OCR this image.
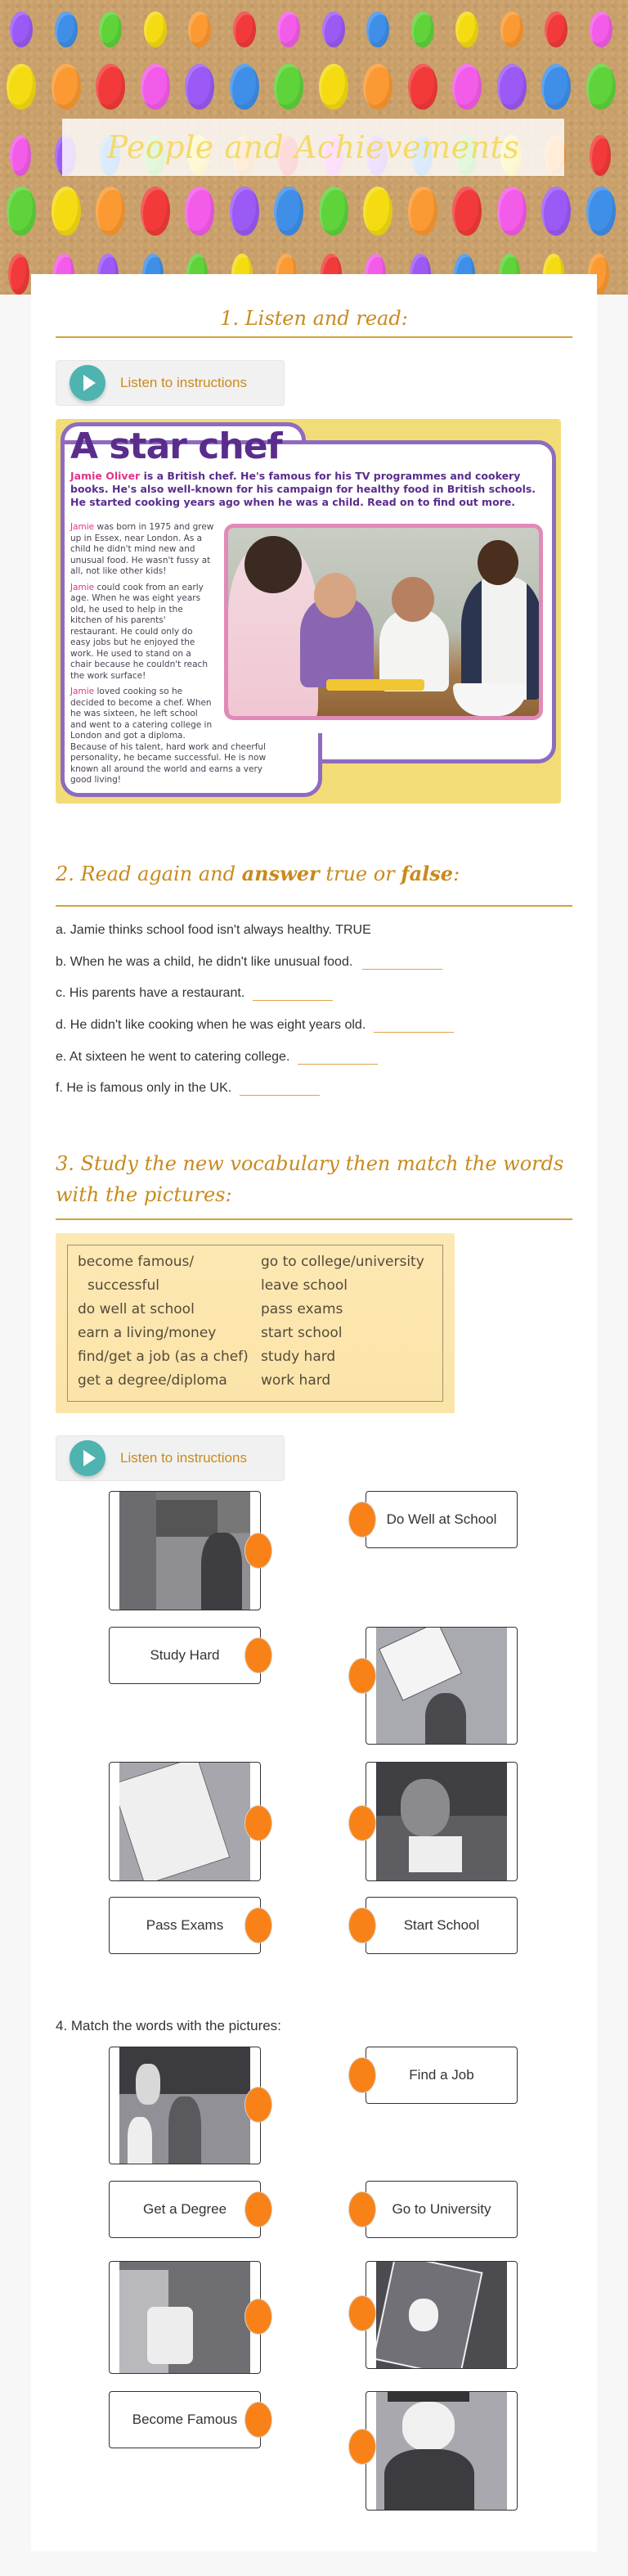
People and Achievements
1. Listen and read:
Listen to instructions
A star chef
Jamie Oliver is a British chef. He's famous for his TV programmes and cookery books. He's also well-known for his campaign for healthy food in British schools. He started cooking years ago when he was a child. Read on to find out more.

Jamie was born in 1975 and grew up in Essex, near London. As a child he didn't mind new and unusual food. He wasn't fussy at all, not like other kids!

Jamie could cook from an early age. When he was eight years old, he used to help in the kitchen of his parents' restaurant. He could only do easy jobs but he enjoyed the work. He used to stand on a chair because he couldn't reach the work surface!

Jamie loved cooking so he decided to become a chef. When he was sixteen, he left school and went to a catering college in London and got a diploma.

Because of his talent, hard work and cheerful personality, he became successful. He is now known all around the world and earns a very good living!

2. Read again and answer true or false:
a. Jamie thinks school food isn't always healthy. TRUE
b. When he was a child, he didn't like unusual food.
c. His parents have a restaurant.
d. He didn't like cooking when he was eight years old.
e. At sixteen he went to catering college.
f. He is famous only in the UK.
3. Study the new vocabulary then match the words with the pictures:
become famous/
successful
do well at school
earn a living/money
find/get a job (as a chef)
get a degree/diploma
go to college/university
leave school
pass exams
start school
study hard
work hard
Listen to instructions
Do Well at School
Study Hard
Pass Exams	Start School
4. Match the words with the pictures:
Find a Job
Get a Degree	Go to University
Become Famous
